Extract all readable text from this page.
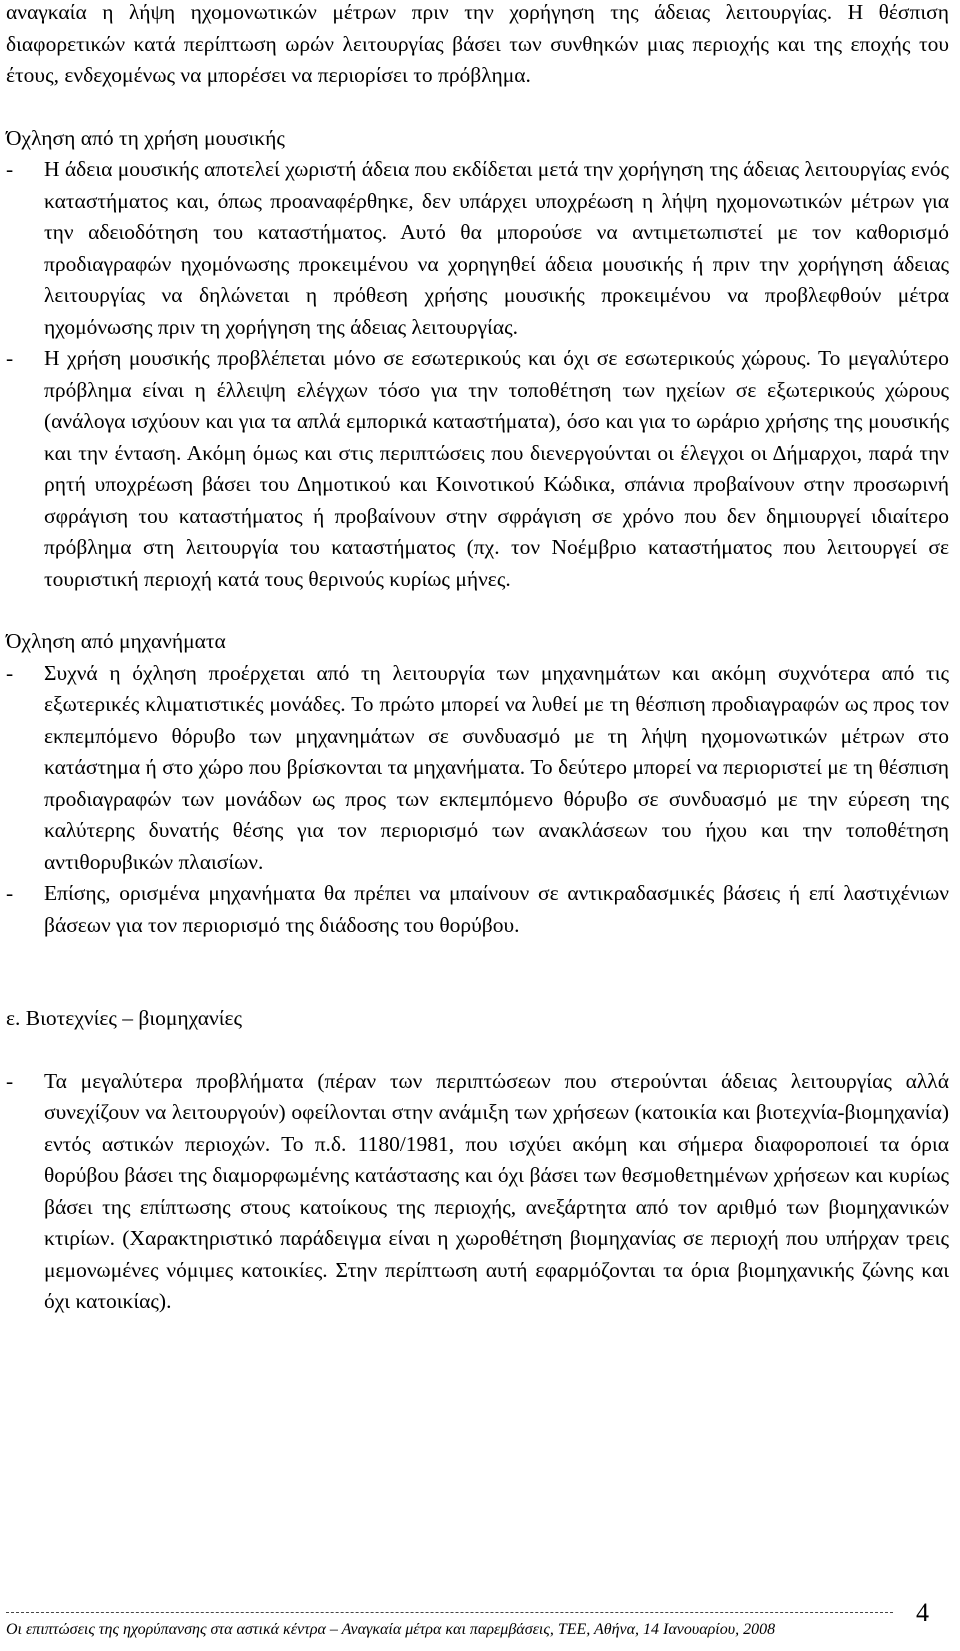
αναγκαία η λήψη ηχομονωτικών μέτρων πριν την χορήγηση της άδειας λειτουργίας. Η θέσπιση διαφορετικών κατά περίπτωση ωρών λειτουργίας βάσει των συνθηκών μιας περιοχής και της εποχής του έτους, ενδεχομένως να μπορέσει να περιορίσει το πρόβλημα.

Όχληση από τη χρήση μουσικής

- Η άδεια μουσικής αποτελεί χωριστή άδεια που εκδίδεται μετά την χορήγηση της άδειας λειτουργίας ενός καταστήματος και, όπως προαναφέρθηκε, δεν υπάρχει υποχρέωση η λήψη ηχομονωτικών μέτρων για την αδειοδότηση του καταστήματος. Αυτό θα μπορούσε να αντιμετωπιστεί με τον καθορισμό προδιαγραφών ηχομόνωσης προκειμένου να χορηγηθεί άδεια μουσικής ή πριν την χορήγηση άδειας λειτουργίας να δηλώνεται η πρόθεση χρήσης μουσικής προκειμένου να προβλεφθούν μέτρα ηχομόνωσης πριν τη χορήγηση της άδειας λειτουργίας.

- Η χρήση μουσικής προβλέπεται μόνο σε εσωτερικούς και όχι σε εσωτερικούς χώρους. Το μεγαλύτερο πρόβλημα είναι η έλλειψη ελέγχων τόσο για την τοποθέτηση των ηχείων σε εξωτερικούς χώρους (ανάλογα ισχύουν και για τα απλά εμπορικά καταστήματα), όσο και για το ωράριο χρήσης της μουσικής και την ένταση. Ακόμη όμως και στις περιπτώσεις που διενεργούνται οι έλεγχοι οι Δήμαρχοι, παρά την ρητή υποχρέωση βάσει του Δημοτικού και Κοινοτικού Κώδικα, σπάνια προβαίνουν στην προσωρινή σφράγιση του καταστήματος ή προβαίνουν στην σφράγιση σε χρόνο που δεν δημιουργεί ιδιαίτερο πρόβλημα στη λειτουργία του καταστήματος (πχ. τον Νοέμβριο καταστήματος που λειτουργεί σε τουριστική περιοχή κατά τους θερινούς κυρίως μήνες.

Όχληση από μηχανήματα

- Συχνά η όχληση προέρχεται από τη λειτουργία των μηχανημάτων και ακόμη συχνότερα από τις εξωτερικές κλιματιστικές μονάδες. Το πρώτο μπορεί να λυθεί με τη θέσπιση προδιαγραφών ως προς τον εκπεμπόμενο θόρυβο των μηχανημάτων σε συνδυασμό με τη λήψη ηχομονωτικών μέτρων στο κατάστημα ή στο χώρο που βρίσκονται τα μηχανήματα. Το δεύτερο μπορεί να περιοριστεί με τη θέσπιση προδιαγραφών των μονάδων ως προς των εκπεμπόμενο θόρυβο σε συνδυασμό με την εύρεση της καλύτερης δυνατής θέσης για τον περιορισμό των ανακλάσεων του ήχου και την τοποθέτηση αντιθορυβικών πλαισίων.

- Επίσης, ορισμένα μηχανήματα θα πρέπει να μπαίνουν σε αντικραδασμικές βάσεις ή επί λαστιχένιων βάσεων για τον περιορισμό της διάδοσης του θορύβου.

ε. Βιοτεχνίες – βιομηχανίες

- Τα μεγαλύτερα προβλήματα (πέραν των περιπτώσεων που στερούνται άδειας λειτουργίας αλλά συνεχίζουν να λειτουργούν) οφείλονται στην ανάμιξη των χρήσεων (κατοικία και βιοτεχνία-βιομηχανία) εντός αστικών περιοχών. Το π.δ. 1180/1981, που ισχύει ακόμη και σήμερα διαφοροποιεί τα όρια θορύβου βάσει της διαμορφωμένης κατάστασης και όχι βάσει των θεσμοθετημένων χρήσεων και κυρίως βάσει της επίπτωσης στους κατοίκους της περιοχής, ανεξάρτητα από τον αριθμό των βιομηχανικών κτιρίων. (Χαρακτηριστικό παράδειγμα είναι η χωροθέτηση βιομηχανίας σε περιοχή που υπήρχαν τρεις μεμονωμένες νόμιμες κατοικίες. Στην περίπτωση αυτή εφαρμόζονται τα όρια βιομηχανικής ζώνης και όχι κατοικίας).

Οι επιπτώσεις της ηχορύπανσης στα αστικά κέντρα – Αναγκαία μέτρα και παρεμβάσεις, ΤΕΕ, Αθήνα, 14 Ιανουαρίου, 2008
4
